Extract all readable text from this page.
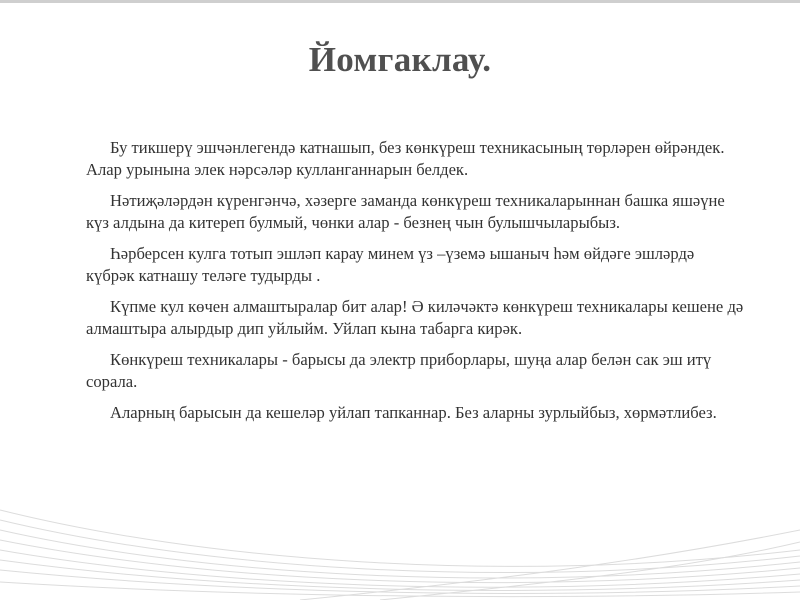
Йомгаклау.

Бу тикшерү эшчәнлегендә катнашып, без көнкүреш техникасының төрләрен өйрәндек. Алар урынына элек нәрсәләр кулланганнарын белдек.

Нәтиҗәләрдән күренгәнчә, хәзерге заманда көнкүреш техникаларыннан башка яшәүне күз алдына да китереп булмый, чөнки алар - безнең чын булышчыларыбыз.

Һәрберсен кулга тотып эшләп карау минем үз –үземә ышаныч һәм өйдәге эшләрдә күбрәк катнашу теләге тудырды .

Күпме кул көчен алмаштыралар бит алар! Ә киләчәктә көнкүреш техникалары кешене дә алмаштыра алырдыр дип уйлыйм. Уйлап кына табарга кирәк.

Көнкүреш техникалары - барысы да электр приборлары, шуңа алар белән сак эш итү сорала.

Аларның барысын да кешеләр уйлап тапканнар. Без аларны зурлыйбыз, хөрмәтлибез.
